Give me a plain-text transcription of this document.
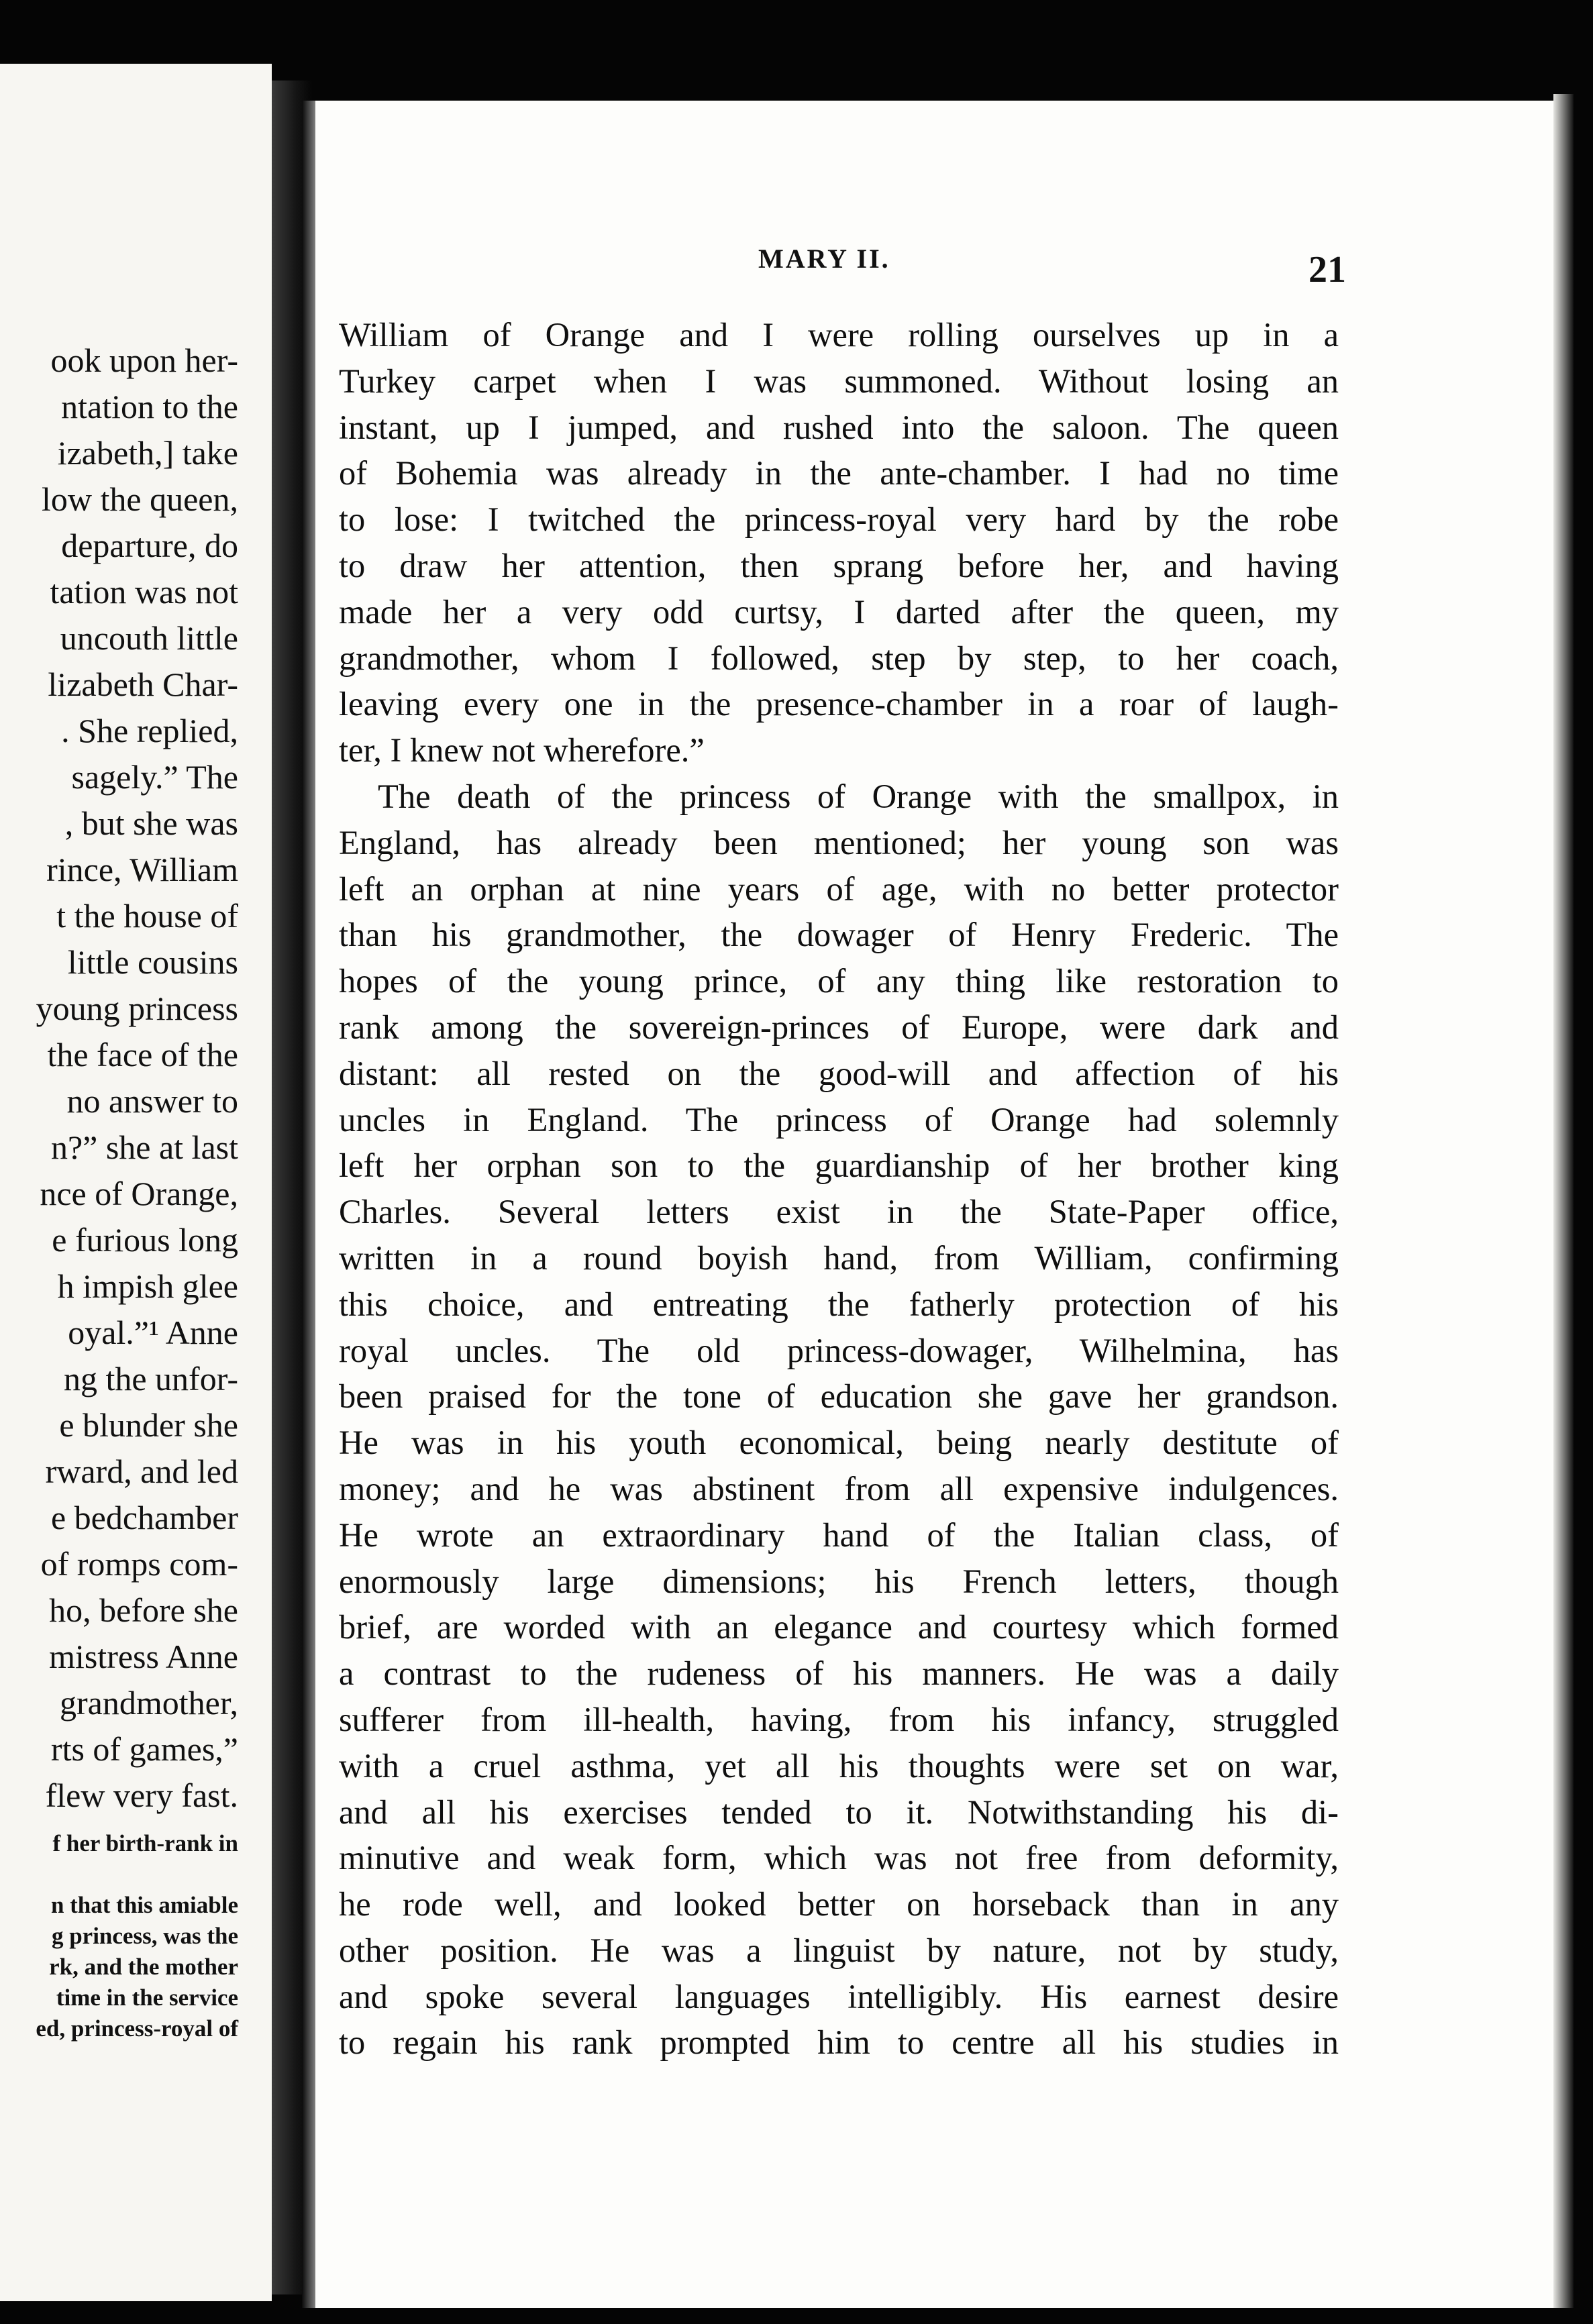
ook upon her-
ntation to the
izabeth,] take
low the queen,
departure, do
tation was not
uncouth little
lizabeth Char-
. She replied,
sagely.” The
, but she was
rince, William
t the house of
little cousins
young princess
the face of the
no answer to
n?” she at last
nce of Orange,
e furious long
h impish glee
oyal.”¹ Anne
ng the unfor-
e blunder she
rward, and led
e bedchamber
of romps com-
ho, before she
mistress Anne
grandmother,
rts of games,”
flew very fast.
f her birth-rank in
n that this amiable
g princess, was the
rk, and the mother
time in the service
ed, princess-royal of
MARY II.	21
William of Orange and I were rolling ourselves up in a
Turkey carpet when I was summoned. Without losing an
instant, up I jumped, and rushed into the saloon. The queen
of Bohemia was already in the ante-chamber. I had no time
to lose: I twitched the princess-royal very hard by the robe
to draw her attention, then sprang before her, and having
made her a very odd curtsy, I darted after the queen, my
grandmother, whom I followed, step by step, to her coach,
leaving every one in the presence-chamber in a roar of laugh-
ter, I knew not wherefore.”
The death of the princess of Orange with the smallpox, in
England, has already been mentioned; her young son was
left an orphan at nine years of age, with no better protector
than his grandmother, the dowager of Henry Frederic. The
hopes of the young prince, of any thing like restoration to
rank among the sovereign-princes of Europe, were dark and
distant: all rested on the good-will and affection of his
uncles in England. The princess of Orange had solemnly
left her orphan son to the guardianship of her brother king
Charles. Several letters exist in the State-Paper office,
written in a round boyish hand, from William, confirming
this choice, and entreating the fatherly protection of his
royal uncles. The old princess-dowager, Wilhelmina, has
been praised for the tone of education she gave her grandson.
He was in his youth economical, being nearly destitute of
money; and he was abstinent from all expensive indulgences.
He wrote an extraordinary hand of the Italian class, of
enormously large dimensions; his French letters, though
brief, are worded with an elegance and courtesy which formed
a contrast to the rudeness of his manners. He was a daily
sufferer from ill-health, having, from his infancy, struggled
with a cruel asthma, yet all his thoughts were set on war,
and all his exercises tended to it. Notwithstanding his di-
minutive and weak form, which was not free from deformity,
he rode well, and looked better on horseback than in any
other position. He was a linguist by nature, not by study,
and spoke several languages intelligibly. His earnest desire
to regain his rank prompted him to centre all his studies in
